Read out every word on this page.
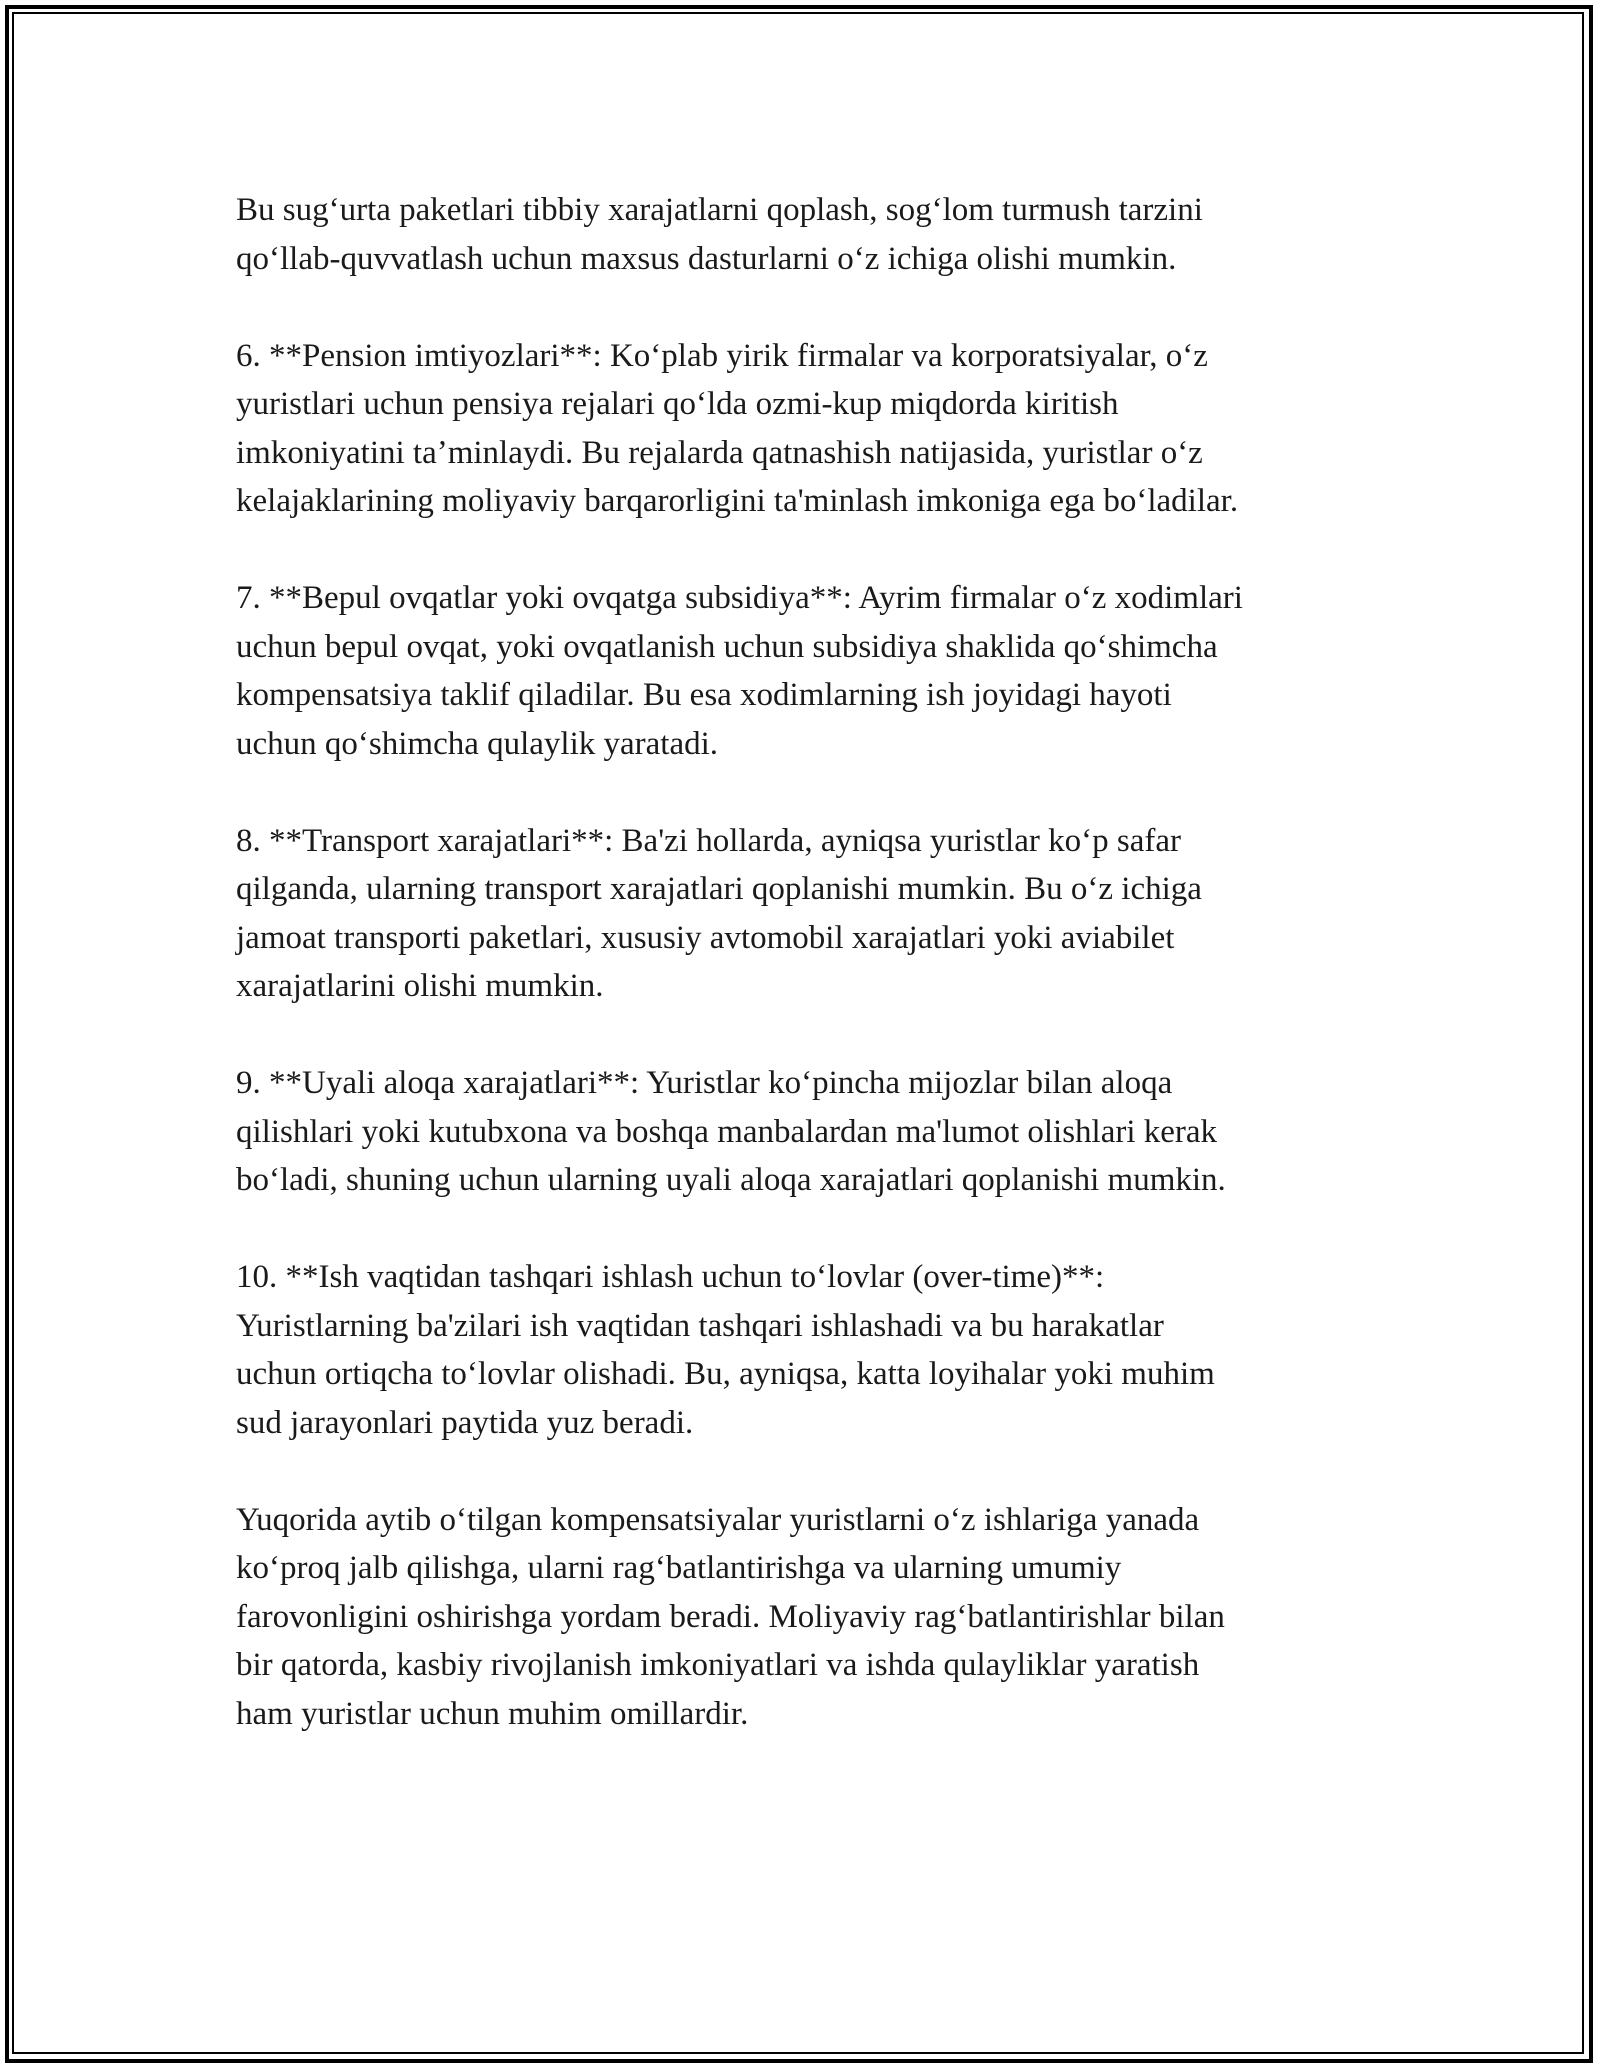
Bu sugʻurta paketlari tibbiy xarajatlarni qoplash, sogʻlom turmush tarzini
qoʻllab-quvvatlash uchun maxsus dasturlarni oʻz ichiga olishi mumkin.

6. **Pension imtiyozlari**: Koʻplab yirik firmalar va korporatsiyalar, oʻz
yuristlari uchun pensiya rejalari qoʻlda ozmi-kup miqdorda kiritish
imkoniyatini taʼminlaydi. Bu rejalarda qatnashish natijasida, yuristlar oʻz
kelajaklarining moliyaviy barqarorligini ta'minlash imkoniga ega boʻladilar.

7. **Bepul ovqatlar yoki ovqatga subsidiya**: Ayrim firmalar oʻz xodimlari
uchun bepul ovqat, yoki ovqatlanish uchun subsidiya shaklida qoʻshimcha
kompensatsiya taklif qiladilar. Bu esa xodimlarning ish joyidagi hayoti
uchun qoʻshimcha qulaylik yaratadi.

8. **Transport xarajatlari**: Ba'zi hollarda, ayniqsa yuristlar koʻp safar
qilganda, ularning transport xarajatlari qoplanishi mumkin. Bu oʻz ichiga
jamoat transporti paketlari, xususiy avtomobil xarajatlari yoki aviabilet
xarajatlarini olishi mumkin.

9. **Uyali aloqa xarajatlari**: Yuristlar koʻpincha mijozlar bilan aloqa
qilishlari yoki kutubxona va boshqa manbalardan ma'lumot olishlari kerak
boʻladi, shuning uchun ularning uyali aloqa xarajatlari qoplanishi mumkin.

10. **Ish vaqtidan tashqari ishlash uchun toʻlovlar (over-time)**:
Yuristlarning ba'zilari ish vaqtidan tashqari ishlashadi va bu harakatlar
uchun ortiqcha toʻlovlar olishadi. Bu, ayniqsa, katta loyihalar yoki muhim
sud jarayonlari paytida yuz beradi.

Yuqorida aytib oʻtilgan kompensatsiyalar yuristlarni oʻz ishlariga yanada
koʻproq jalb qilishga, ularni ragʻbatlantirishga va ularning umumiy
farovonligini oshirishga yordam beradi. Moliyaviy ragʻbatlantirishlar bilan
bir qatorda, kasbiy rivojlanish imkoniyatlari va ishda qulayliklar yaratish
ham yuristlar uchun muhim omillardir.
